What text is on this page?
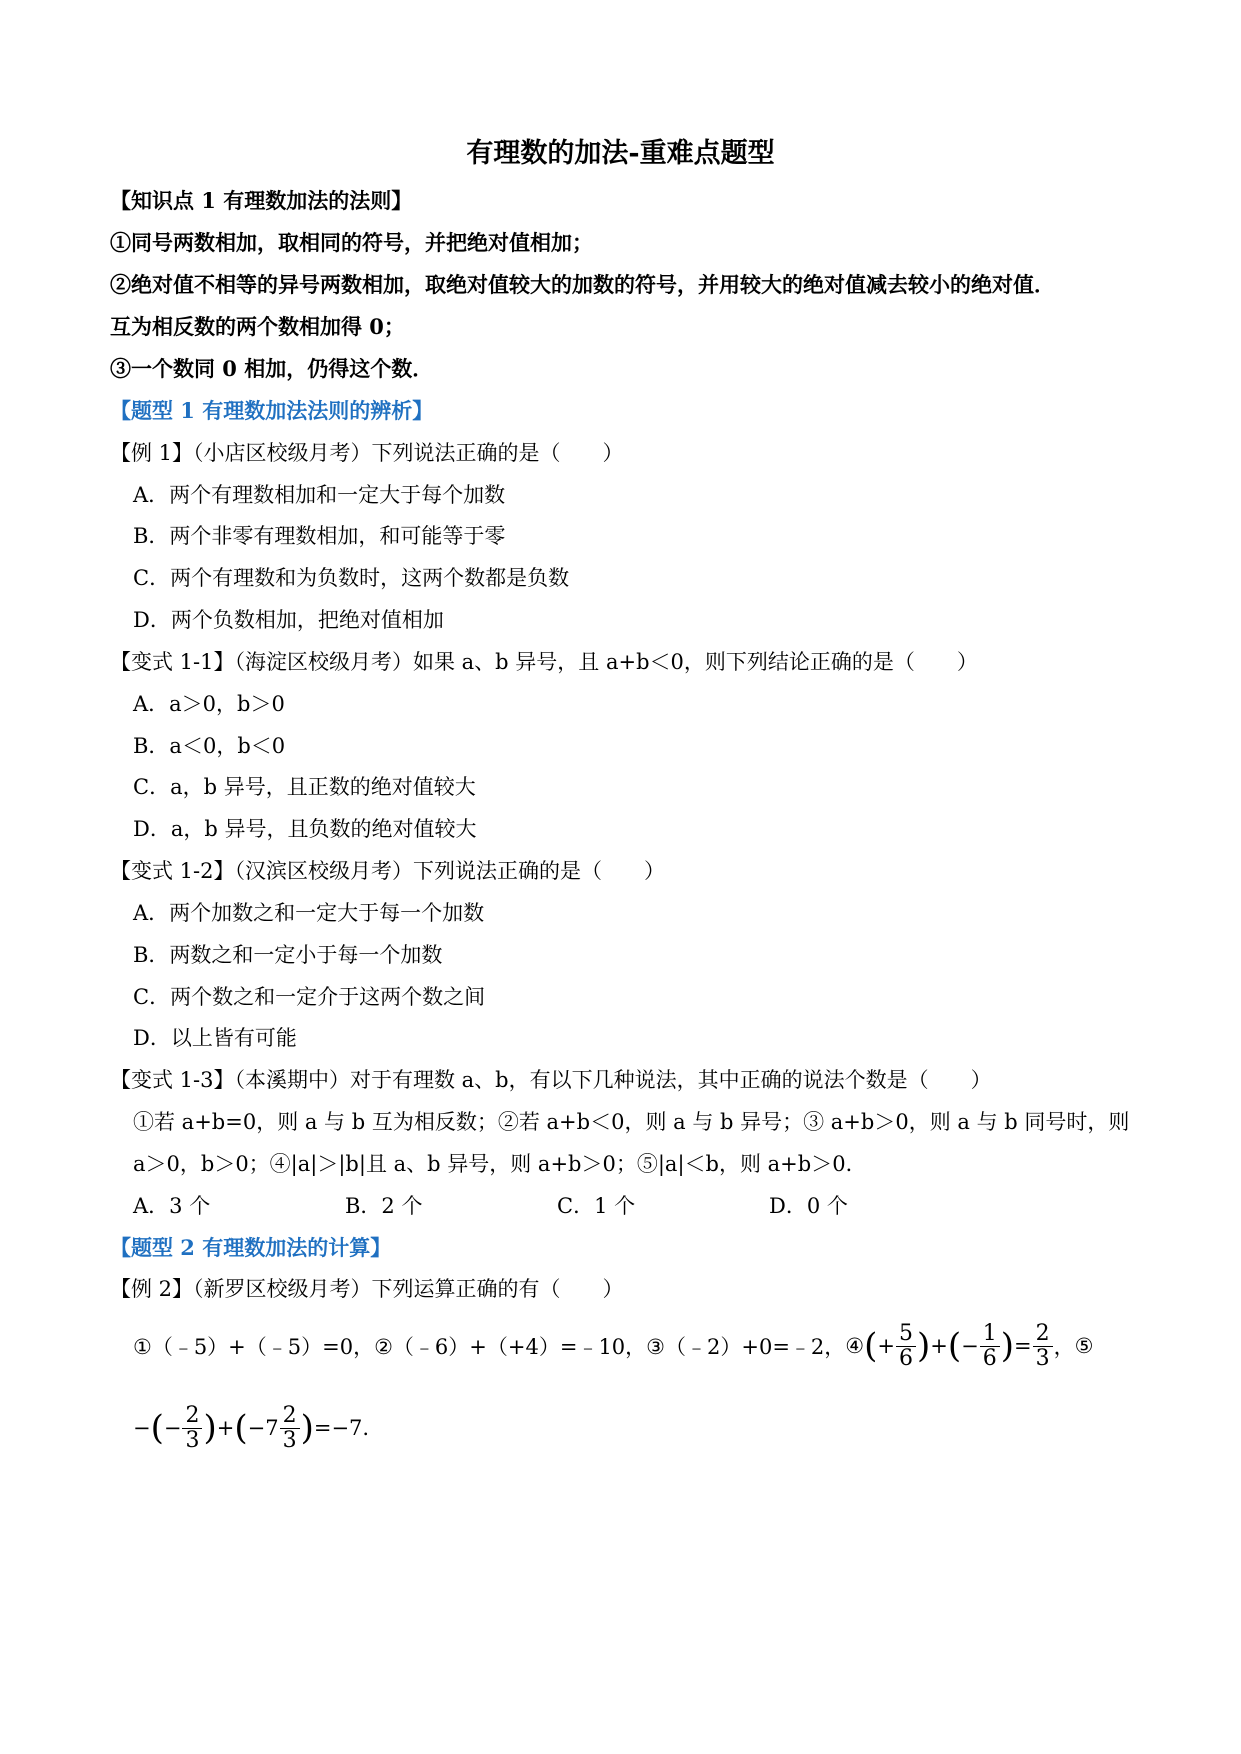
有理数的加法-重难点题型
【知识点 1 有理数加法的法则】
①同号两数相加，取相同的符号，并把绝对值相加；
②绝对值不相等的异号两数相加，取绝对值较大的加数的符号，并用较大的绝对值减去较小的绝对值．
互为相反数的两个数相加得 0；
③一个数同 0 相加，仍得这个数．
【题型 1 有理数加法法则的辨析】
【例 1】（小店区校级月考）下列说法正确的是（　　）
A．两个有理数相加和一定大于每个加数
B．两个非零有理数相加，和可能等于零
C．两个有理数和为负数时，这两个数都是负数
D．两个负数相加，把绝对值相加
【变式 1-1】（海淀区校级月考）如果 a、b 异号，且 a+b＜0，则下列结论正确的是（　　）
A．a＞0，b＞0
B．a＜0，b＜0
C．a，b 异号，且正数的绝对值较大
D．a，b 异号，且负数的绝对值较大
【变式 1-2】（汉滨区校级月考）下列说法正确的是（　　）
A．两个加数之和一定大于每一个加数
B．两数之和一定小于每一个加数
C．两个数之和一定介于这两个数之间
D．以上皆有可能
【变式 1-3】（本溪期中）对于有理数 a、b，有以下几种说法，其中正确的说法个数是（　　）
①若 a+b=0，则 a 与 b 互为相反数；②若 a+b＜0，则 a 与 b 异号；③ a+b＞0，则 a 与 b 同号时，则
a＞0，b＞0；④|a|＞|b|且 a、b 异号，则 a+b＞0；⑤|a|＜b，则 a+b＞0．
A．3 个	B．2 个	C．1 个	D．0 个
【题型 2 有理数加法的计算】
【例 2】（新罗区校级月考）下列运算正确的有（　　）
①（﹣5）+（﹣5）=0， ②（﹣6）+（+4）=﹣10， ③（﹣2）+0=﹣2， ④ ( + $\frac{5}{6}$ ) + ( − $\frac{1}{6}$ ) = $\frac{2}{3}$ ， ⑤
− ( − $\frac{2}{3}$ ) + ( $-7 \frac{2}{3}$ ) =−7.
